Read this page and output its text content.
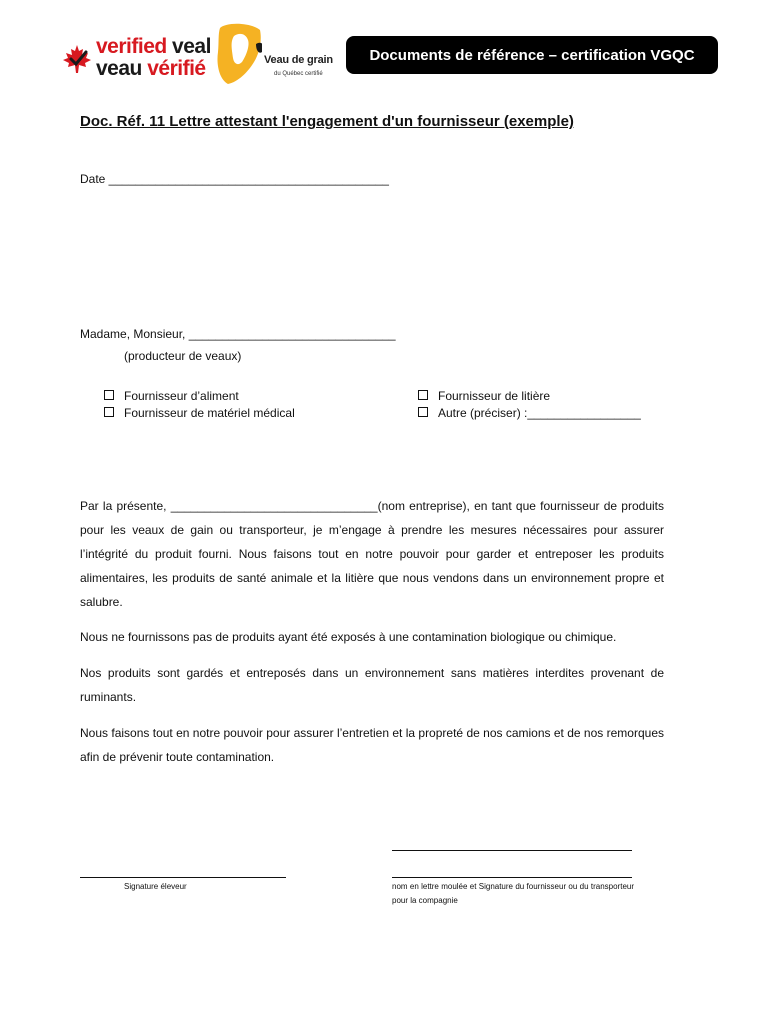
verified veal
veau vérifié	Veau de grain
du Québec certifié
Documents de référence – certification VGQC
Doc. Réf. 11 Lettre attestant l'engagement d'un fournisseur (exemple)
Date __________________________________________
Madame, Monsieur, _______________________________
(producteur de veaux)
Fournisseur d’aliment
Fournisseur de matériel médical
Fournisseur de litière
Autre (préciser) :_________________
Par la présente, _______________________________(nom entreprise), en tant que fournisseur de produits pour les veaux de gain ou transporteur, je m’engage à prendre les mesures nécessaires pour assurer l’intégrité du produit fourni. Nous faisons tout en notre pouvoir pour garder et entreposer les produits alimentaires, les produits de santé animale et la litière que nous vendons dans un environnement propre et salubre.
Nous ne fournissons pas de produits ayant été exposés à une contamination biologique ou chimique.
Nos produits sont gardés et entreposés dans un environnement sans matières interdites provenant de ruminants.
Nous faisons tout en notre pouvoir pour assurer l’entretien et la propreté de nos camions et de nos remorques afin de prévenir toute contamination.
Signature éleveur	nom en lettre moulée et Signature du fournisseur ou du transporteur pour la compagnie
